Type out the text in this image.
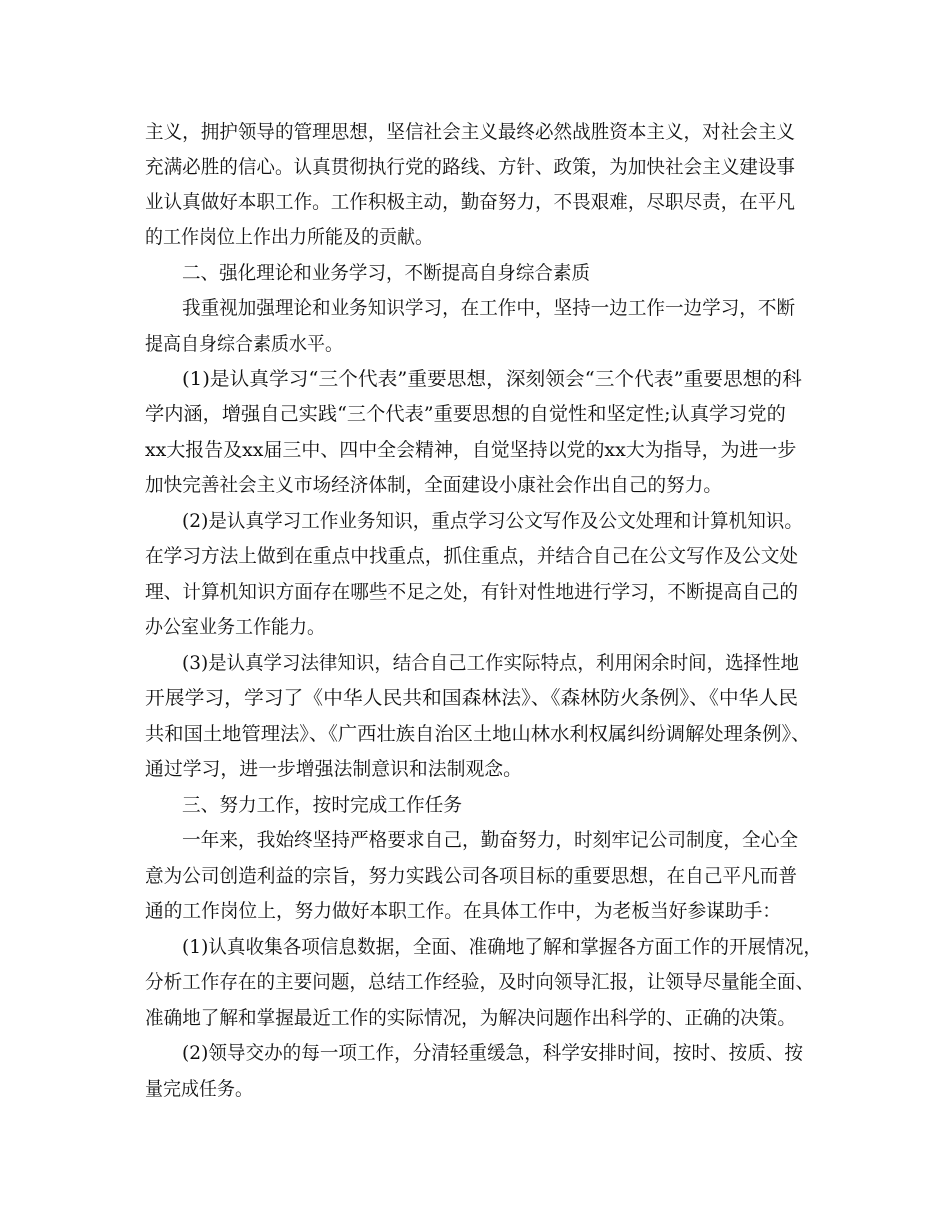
主义，拥护领导的管理思想，坚信社会主义最终必然战胜资本主义，对社会主义
充满必胜的信心。认真贯彻执行党的路线、方针、政策，为加快社会主义建设事
业认真做好本职工作。工作积极主动，勤奋努力，不畏艰难，尽职尽责，在平凡
的工作岗位上作出力所能及的贡献。
二、强化理论和业务学习，不断提高自身综合素质
我重视加强理论和业务知识学习，在工作中，坚持一边工作一边学习，不断
提高自身综合素质水平。
(1)是认真学习“三个代表”重要思想，深刻领会“三个代表”重要思想的科
学内涵，增强自己实践“三个代表”重要思想的自觉性和坚定性;认真学习党的
xx大报告及xx届三中、四中全会精神，自觉坚持以党的xx大为指导，为进一步
加快完善社会主义市场经济体制，全面建设小康社会作出自己的努力。
(2)是认真学习工作业务知识，重点学习公文写作及公文处理和计算机知识。
在学习方法上做到在重点中找重点，抓住重点，并结合自己在公文写作及公文处
理、计算机知识方面存在哪些不足之处，有针对性地进行学习，不断提高自己的
办公室业务工作能力。
(3)是认真学习法律知识，结合自己工作实际特点，利用闲余时间，选择性地
开展学习，学习了《中华人民共和国森林法》、《森林防火条例》、《中华人民
共和国土地管理法》、《广西壮族自治区土地山林水利权属纠纷调解处理条例》、
通过学习，进一步增强法制意识和法制观念。
三、努力工作，按时完成工作任务
一年来，我始终坚持严格要求自己，勤奋努力，时刻牢记公司制度，全心全
意为公司创造利益的宗旨，努力实践公司各项目标的重要思想，在自己平凡而普
通的工作岗位上，努力做好本职工作。在具体工作中，为老板当好参谋助手：
(1)认真收集各项信息数据，全面、准确地了解和掌握各方面工作的开展情况，
分析工作存在的主要问题，总结工作经验，及时向领导汇报，让领导尽量能全面、
准确地了解和掌握最近工作的实际情况，为解决问题作出科学的、正确的决策。
(2)领导交办的每一项工作，分清轻重缓急，科学安排时间，按时、按质、按
量完成任务。
